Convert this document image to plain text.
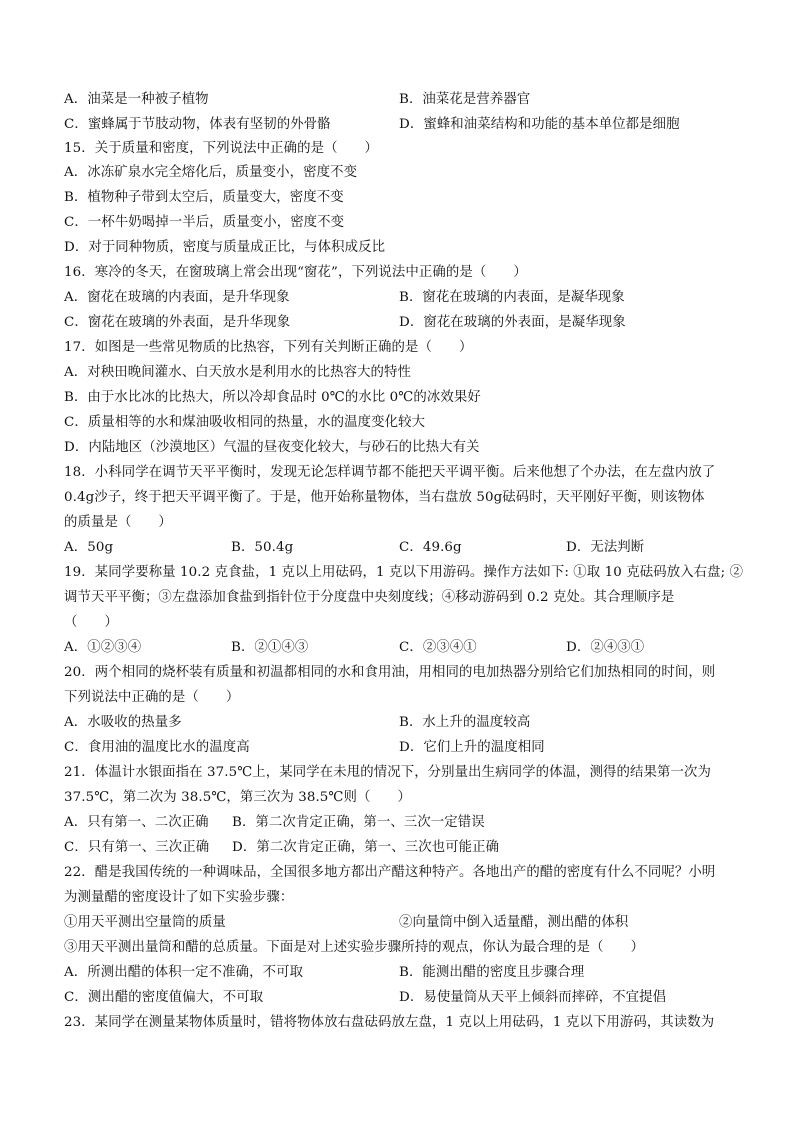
A．油菜是一种被子植物	B．油菜花是营养器官
C．蜜蜂属于节肢动物，体表有坚韧的外骨骼	D．蜜蜂和油菜结构和功能的基本单位都是细胞
15．关于质量和密度，下列说法中正确的是（　　）
A．冰冻矿泉水完全熔化后，质量变小，密度不变
B．植物种子带到太空后，质量变大，密度不变
C．一杯牛奶喝掉一半后，质量变小，密度不变
D．对于同种物质，密度与质量成正比，与体积成反比
16．寒冷的冬天，在窗玻璃上常会出现“窗花”，下列说法中正确的是（　　）
A．窗花在玻璃的内表面，是升华现象	B．窗花在玻璃的内表面，是凝华现象
C．窗花在玻璃的外表面，是升华现象	D．窗花在玻璃的外表面，是凝华现象
17．如图是一些常见物质的比热容，下列有关判断正确的是（　　）
A．对秧田晚间灌水、白天放水是利用水的比热容大的特性
B．由于水比冰的比热大，所以冷却食品时 0℃的水比 0℃的冰效果好
C．质量相等的水和煤油吸收相同的热量，水的温度变化较大
D．内陆地区（沙漠地区）气温的昼夜变化较大，与砂石的比热大有关
18．小科同学在调节天平平衡时，发现无论怎样调节都不能把天平调平衡。后来他想了个办法，在左盘内放了
0.4g沙子，终于把天平调平衡了。于是，他开始称量物体，当右盘放 50g砝码时，天平刚好平衡，则该物体
的质量是（　　）
A．50g	B．50.4g	C．49.6g	D．无法判断
19．某同学要称量 10.2 克食盐，1 克以上用砝码，1 克以下用游码。操作方法如下: ①取 10 克砝码放入右盘; ②
调节天平平衡；③左盘添加食盐到指针位于分度盘中央刻度线；④移动游码到 0.2 克处。其合理顺序是
（　　）
A．①②③④	B．②①④③	C．②③④①	D．②④③①
20．两个相同的烧杯装有质量和初温都相同的水和食用油，用相同的电加热器分别给它们加热相同的时间，则
下列说法中正确的是（　　）
A．水吸收的热量多	B．水上升的温度较高
C．食用油的温度比水的温度高	D．它们上升的温度相同
21．体温计水银面指在 37.5℃上，某同学在未甩的情况下，分别量出生病同学的体温，测得的结果第一次为
37.5℃，第二次为 38.5℃，第三次为 38.5℃则（　　）
A．只有第一、二次正确 B．第二次肯定正确，第一、三次一定错误
C．只有第一、三次正确 D．第二次肯定正确，第一、三次也可能正确
22．醋是我国传统的一种调味品，全国很多地方都出产醋这种特产。各地出产的醋的密度有什么不同呢？小明
为测量醋的密度设计了如下实验步骤：
①用天平测出空量筒的质量	②向量筒中倒入适量醋，测出醋的体积
③用天平测出量筒和醋的总质量。下面是对上述实验步骤所持的观点，你认为最合理的是（　　）
A．所测出醋的体积一定不准确，不可取	B．能测出醋的密度且步骤合理
C．测出醋的密度值偏大，不可取	D．易使量筒从天平上倾斜而摔碎，不宜提倡
23．某同学在测量某物体质量时，错将物体放右盘砝码放左盘，1 克以上用砝码，1 克以下用游码，其读数为
